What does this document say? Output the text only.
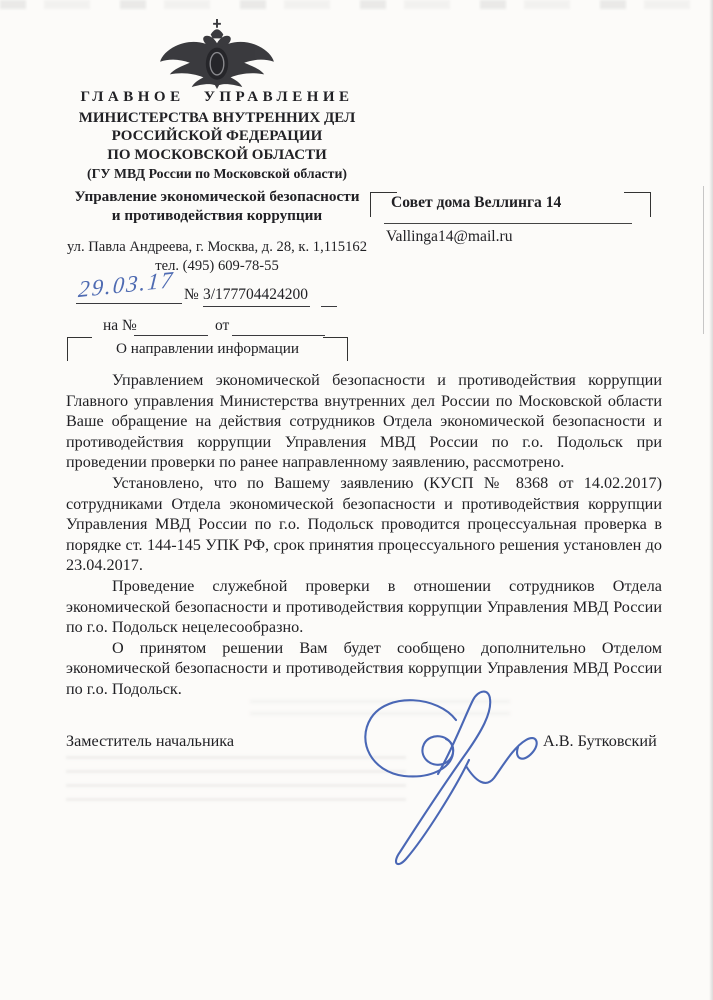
ГЛАВНОЕ УПРАВЛЕНИЕ
МИНИСТЕРСТВА ВНУТРЕННИХ ДЕЛ
РОССИЙСКОЙ ФЕДЕРАЦИИ
ПО МОСКОВСКОЙ ОБЛАСТИ
(ГУ МВД России по Московской области)
Управление экономической безопасности
и противодействия коррупции
ул. Павла Андреева, г. Москва, д. 28, к. 1,115162
тел. (495) 609-78-55
29.03.17 № 3/177704424200
на №	от
Совет дома Веллинга 14
Vallinga14@mail.ru
О направлении информации

Управлением экономической безопасности и противодействия коррупции Главного управления Министерства внутренних дел России по Московской области Ваше обращение на действия сотрудников Отдела экономической безопасности и противодействия коррупции Управления МВД России по г.о. Подольск при проведении проверки по ранее направленному заявлению, рассмотрено.

Установлено, что по Вашему заявлению (КУСП № 8368 от 14.02.2017) сотрудниками Отдела экономической безопасности и противодействия коррупции Управления МВД России по г.о. Подольск проводится процессуальная проверка в порядке ст. 144-145 УПК РФ, срок принятия процессуального решения установлен до 23.04.2017.

Проведение служебной проверки в отношении сотрудников Отдела экономической безопасности и противодействия коррупции Управления МВД России по г.о. Подольск нецелесообразно.

О принятом решении Вам будет сообщено дополнительно Отделом экономической безопасности и противодействия коррупции Управления МВД России по г.о. Подольск.

Заместитель начальника	А.В. Бутковский
